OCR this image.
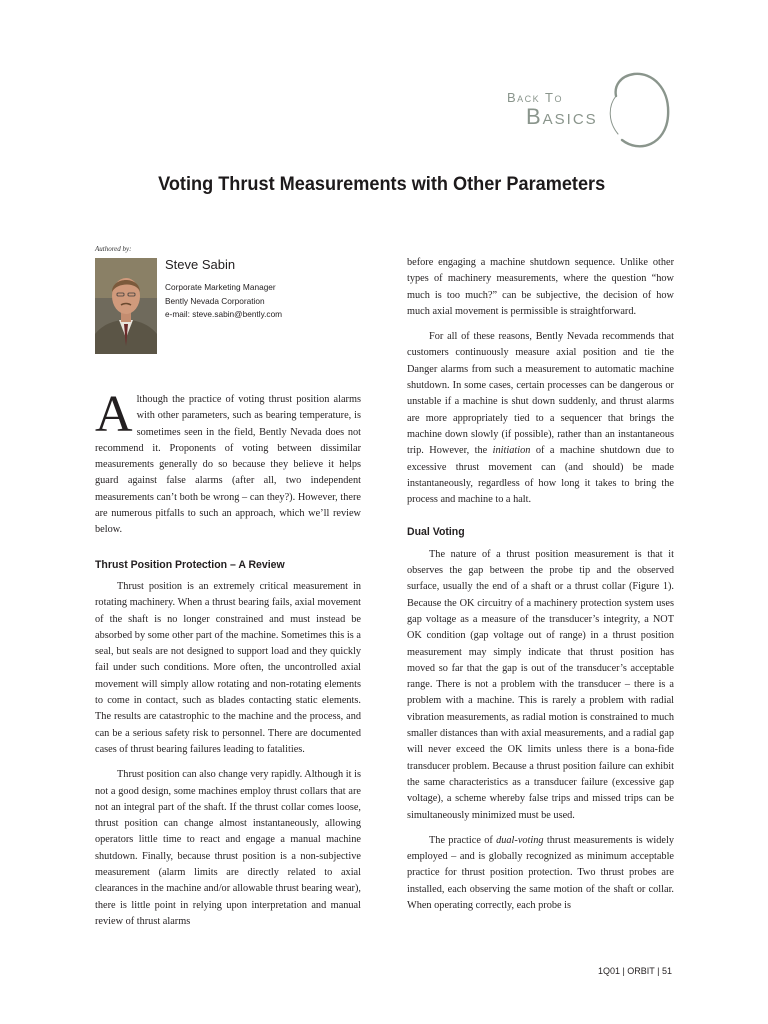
Back To
Basics
Voting Thrust Measurements with Other Parameters
Authored by:
Steve Sabin
Corporate Marketing Manager
Bently Nevada Corporation
e-mail: steve.sabin@bently.com

Although the practice of voting thrust position alarms with other parameters, such as bearing temperature, is sometimes seen in the field, Bently Nevada does not recommend it. Proponents of voting between dissimilar measurements generally do so because they believe it helps guard against false alarms (after all, two independent measurements can’t both be wrong – can they?). However, there are numerous pitfalls to such an approach, which we’ll review below.

Thrust Position Protection – A Review

Thrust position is an extremely critical measurement in rotating machinery. When a thrust bearing fails, axial movement of the shaft is no longer constrained and must instead be absorbed by some other part of the machine. Sometimes this is a seal, but seals are not designed to support load and they quickly fail under such conditions. More often, the uncontrolled axial movement will simply allow rotating and non-rotating elements to come in contact, such as blades contacting static elements. The results are catastrophic to the machine and the process, and can be a serious safety risk to personnel. There are documented cases of thrust bearing failures leading to fatalities.

Thrust position can also change very rapidly. Although it is not a good design, some machines employ thrust collars that are not an integral part of the shaft. If the thrust collar comes loose, thrust position can change almost instantaneously, allowing operators little time to react and engage a manual machine shutdown. Finally, because thrust position is a non-subjective measurement (alarm limits are directly related to axial clearances in the machine and/or allowable thrust bearing wear), there is little point in relying upon interpretation and manual review of thrust alarms

before engaging a machine shutdown sequence. Unlike other types of machinery measurements, where the question “how much is too much?” can be subjective, the decision of how much axial movement is permissible is straightforward.

For all of these reasons, Bently Nevada recommends that customers continuously measure axial position and tie the Danger alarms from such a measurement to automatic machine shutdown. In some cases, certain processes can be dangerous or unstable if a machine is shut down suddenly, and thrust alarms are more appropriately tied to a sequencer that brings the machine down slowly (if possible), rather than an instantaneous trip. However, the initiation of a machine shutdown due to excessive thrust movement can (and should) be made instantaneously, regardless of how long it takes to bring the process and machine to a halt.

Dual Voting

The nature of a thrust position measurement is that it observes the gap between the probe tip and the observed surface, usually the end of a shaft or a thrust collar (Figure 1). Because the OK circuitry of a machinery protection system uses gap voltage as a measure of the transducer’s integrity, a NOT OK condition (gap voltage out of range) in a thrust position measurement may simply indicate that thrust position has moved so far that the gap is out of the transducer’s acceptable range. There is not a problem with the transducer – there is a problem with a machine. This is rarely a problem with radial vibration measurements, as radial motion is constrained to much smaller distances than with axial measurements, and a radial gap will never exceed the OK limits unless there is a bona-fide transducer problem. Because a thrust position failure can exhibit the same characteristics as a transducer failure (excessive gap voltage), a scheme whereby false trips and missed trips can be simultaneously minimized must be used.

The practice of dual-voting thrust measurements is widely employed – and is globally recognized as minimum acceptable practice for thrust position protection. Two thrust probes are installed, each observing the same motion of the shaft or collar. When operating correctly, each probe is

1Q01 | ORBIT | 51
